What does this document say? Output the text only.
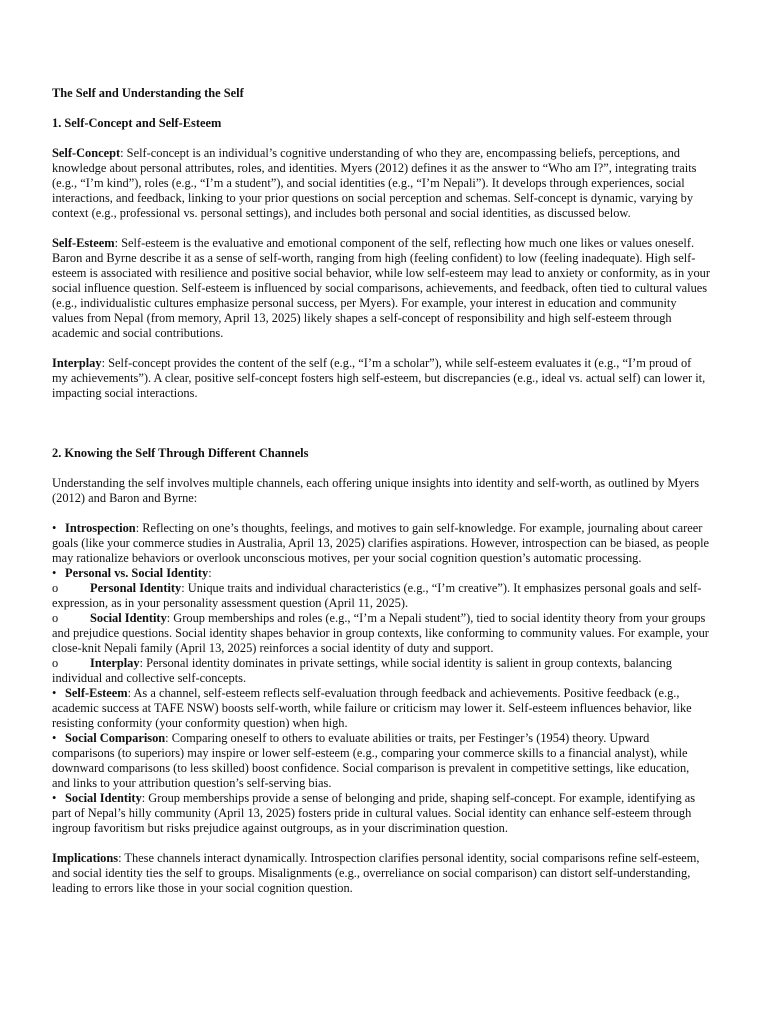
The Self and Understanding the Self

1. Self-Concept and Self-Esteem

Self-Concept: Self-concept is an individual’s cognitive understanding of who they are, encompassing beliefs, perceptions, and knowledge about personal attributes, roles, and identities. Myers (2012) defines it as the answer to “Who am I?”, integrating traits (e.g., “I’m kind”), roles (e.g., “I’m a student”), and social identities (e.g., “I’m Nepali”). It develops through experiences, social interactions, and feedback, linking to your prior questions on social perception and schemas. Self-concept is dynamic, varying by context (e.g., professional vs. personal settings), and includes both personal and social identities, as discussed below.

Self-Esteem: Self-esteem is the evaluative and emotional component of the self, reflecting how much one likes or values oneself. Baron and Byrne describe it as a sense of self-worth, ranging from high (feeling confident) to low (feeling inadequate). High self-esteem is associated with resilience and positive social behavior, while low self-esteem may lead to anxiety or conformity, as in your social influence question. Self-esteem is influenced by social comparisons, achievements, and feedback, often tied to cultural values (e.g., individualistic cultures emphasize personal success, per Myers). For example, your interest in education and community values from Nepal (from memory, April 13, 2025) likely shapes a self-concept of responsibility and high self-esteem through academic and social contributions.

Interplay: Self-concept provides the content of the self (e.g., “I’m a scholar”), while self-esteem evaluates it (e.g., “I’m proud of my achievements”). A clear, positive self-concept fosters high self-esteem, but discrepancies (e.g., ideal vs. actual self) can lower it, impacting social interactions.

2. Knowing the Self Through Different Channels

Understanding the self involves multiple channels, each offering unique insights into identity and self-worth, as outlined by Myers (2012) and Baron and Byrne:

• Introspection: Reflecting on one’s thoughts, feelings, and motives to gain self-knowledge. For example, journaling about career goals (like your commerce studies in Australia, April 13, 2025) clarifies aspirations. However, introspection can be biased, as people may rationalize behaviors or overlook unconscious motives, per your social cognition question’s automatic processing.

• Personal vs. Social Identity:

o	Personal Identity: Unique traits and individual characteristics (e.g., “I’m creative”). It emphasizes personal goals and self-expression, as in your personality assessment question (April 11, 2025).

o	Social Identity: Group memberships and roles (e.g., “I’m a Nepali student”), tied to social identity theory from your groups and prejudice questions. Social identity shapes behavior in group contexts, like conforming to community values. For example, your close-knit Nepali family (April 13, 2025) reinforces a social identity of duty and support.

o	Interplay: Personal identity dominates in private settings, while social identity is salient in group contexts, balancing individual and collective self-concepts.

• Self-Esteem: As a channel, self-esteem reflects self-evaluation through feedback and achievements. Positive feedback (e.g., academic success at TAFE NSW) boosts self-worth, while failure or criticism may lower it. Self-esteem influences behavior, like resisting conformity (your conformity question) when high.

• Social Comparison: Comparing oneself to others to evaluate abilities or traits, per Festinger’s (1954) theory. Upward comparisons (to superiors) may inspire or lower self-esteem (e.g., comparing your commerce skills to a financial analyst), while downward comparisons (to less skilled) boost confidence. Social comparison is prevalent in competitive settings, like education, and links to your attribution question’s self-serving bias.

• Social Identity: Group memberships provide a sense of belonging and pride, shaping self-concept. For example, identifying as part of Nepal’s hilly community (April 13, 2025) fosters pride in cultural values. Social identity can enhance self-esteem through ingroup favoritism but risks prejudice against outgroups, as in your discrimination question.

Implications: These channels interact dynamically. Introspection clarifies personal identity, social comparisons refine self-esteem, and social identity ties the self to groups. Misalignments (e.g., overreliance on social comparison) can distort self-understanding, leading to errors like those in your social cognition question.
